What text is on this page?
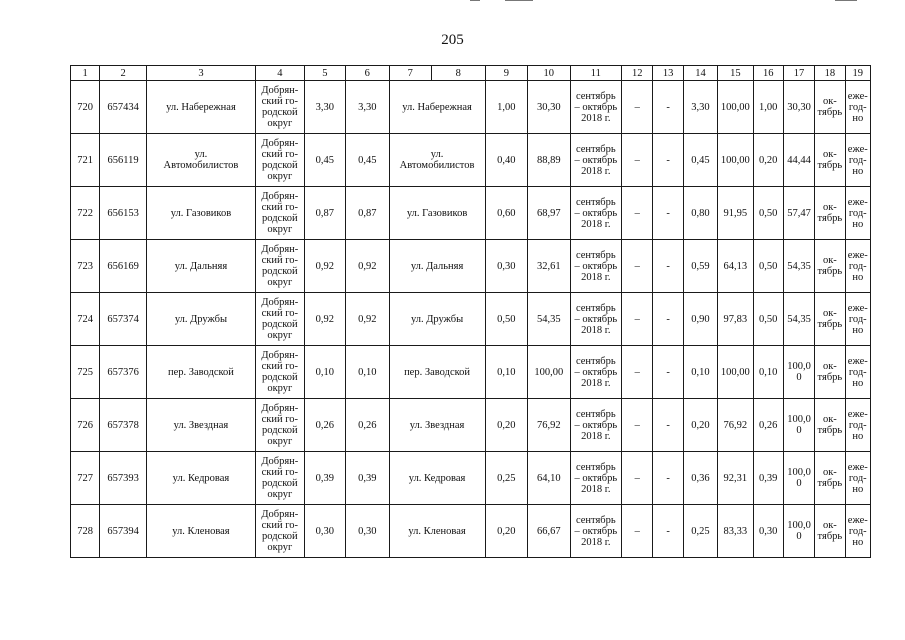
205
1	2	3	4	5	6	7	8	9	10	11	12	13	14	15	16	17	18	19
720	657434	ул. Набережная	Добрян-
ский го-
родской
округ	3,30	3,30	ул. Набережная		1,00	30,30	сентябрь
– октябрь
2018 г.	–	-	3,30	100,00	1,00	30,30	ок-
тябрь	еже-
год-
но
721	656119	ул.
Автомобилистов	Добрян-
ский го-
родской
округ	0,45	0,45	ул.
Автомобилистов		0,40	88,89	сентябрь
– октябрь
2018 г.	–	-	0,45	100,00	0,20	44,44	ок-
тябрь	еже-
год-
но
722	656153	ул. Газовиков	Добрян-
ский го-
родской
округ	0,87	0,87	ул. Газовиков		0,60	68,97	сентябрь
– октябрь
2018 г.	–	-	0,80	91,95	0,50	57,47	ок-
тябрь	еже-
год-
но
723	656169	ул. Дальняя	Добрян-
ский го-
родской
округ	0,92	0,92	ул. Дальняя		0,30	32,61	сентябрь
– октябрь
2018 г.	–	-	0,59	64,13	0,50	54,35	ок-
тябрь	еже-
год-
но
724	657374	ул. Дружбы	Добрян-
ский го-
родской
округ	0,92	0,92	ул. Дружбы		0,50	54,35	сентябрь
– октябрь
2018 г.	–	-	0,90	97,83	0,50	54,35	ок-
тябрь	еже-
год-
но
725	657376	пер. Заводской	Добрян-
ский го-
родской
округ	0,10	0,10	пер. Заводской		0,10	100,00	сентябрь
– октябрь
2018 г.	–	-	0,10	100,00	0,10	100,0
0	ок-
тябрь	еже-
год-
но
726	657378	ул. Звездная	Добрян-
ский го-
родской
округ	0,26	0,26	ул. Звездная		0,20	76,92	сентябрь
– октябрь
2018 г.	–	-	0,20	76,92	0,26	100,0
0	ок-
тябрь	еже-
год-
но
727	657393	ул. Кедровая	Добрян-
ский го-
родской
округ	0,39	0,39	ул. Кедровая		0,25	64,10	сентябрь
– октябрь
2018 г.	–	-	0,36	92,31	0,39	100,0
0	ок-
тябрь	еже-
год-
но
728	657394	ул. Кленовая	Добрян-
ский го-
родской
округ	0,30	0,30	ул. Кленовая		0,20	66,67	сентябрь
– октябрь
2018 г.	–	-	0,25	83,33	0,30	100,0
0	ок-
тябрь	еже-
год-
но
